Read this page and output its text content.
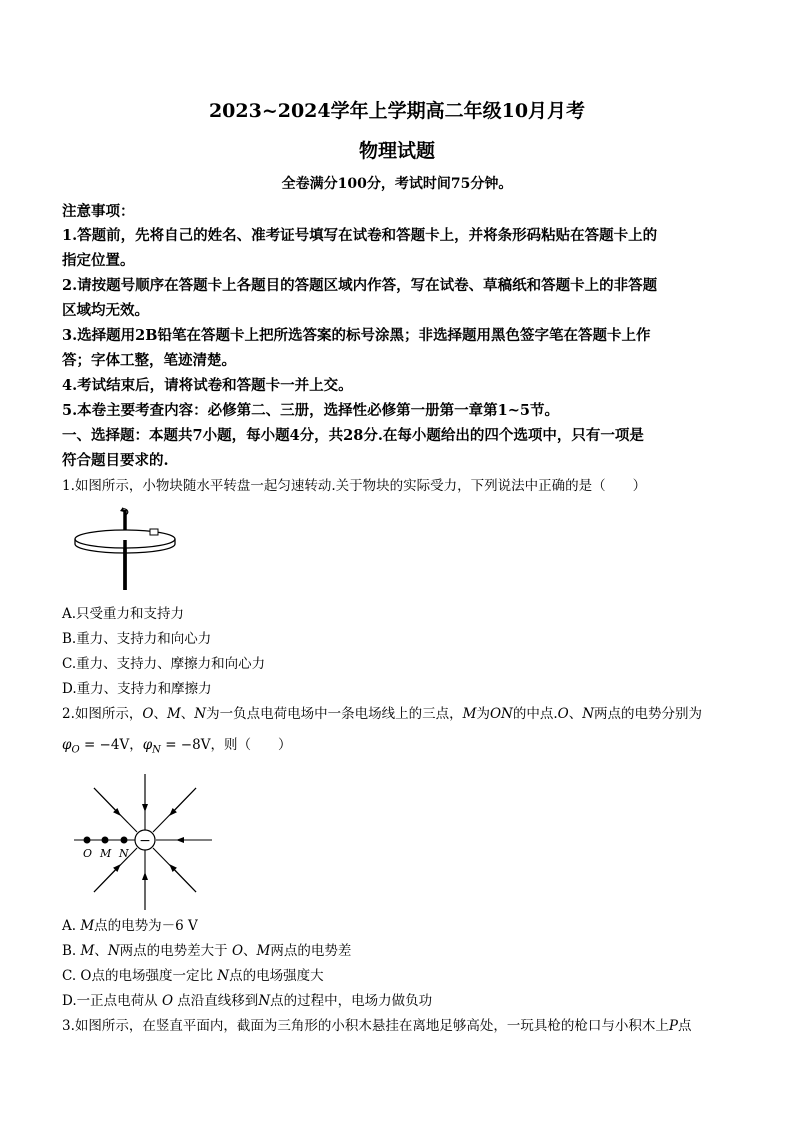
2023~2024学年上学期高二年级10月月考
物理试题
全卷满分100分，考试时间75分钟。
注意事项：
1.答题前，先将自己的姓名、准考证号填写在试卷和答题卡上，并将条形码粘贴在答题卡上的
指定位置。
2.请按题号顺序在答题卡上各题目的答题区域内作答，写在试卷、草稿纸和答题卡上的非答题
区域均无效。
3.选择题用2B铅笔在答题卡上把所选答案的标号涂黑；非选择题用黑色签字笔在答题卡上作
答；字体工整，笔迹清楚。
4.考试结束后，请将试卷和答题卡一并上交。
5.本卷主要考查内容：必修第二、三册，选择性必修第一册第一章第1~5节。
一、选择题：本题共7小题，每小题4分，共28分.在每小题给出的四个选项中，只有一项是
符合题目要求的.
1.如图所示，小物块随水平转盘一起匀速转动.关于物块的实际受力，下列说法中正确的是（　　）
A.只受重力和支持力
B.重力、支持力和向心力
C.重力、支持力、摩擦力和向心力
D.重力、支持力和摩擦力
2.如图所示，O、M、N为一负点电荷电场中一条电场线上的三点，M为ON的中点.O、N两点的电势分别为
$\varphi_O = -4V$，$\varphi_N = -8V$，则（　　）
−
O M N
A. M点的电势为－6 V
B. M、N两点的电势差大于 O、M两点的电势差
C. O点的电场强度一定比 N点的电场强度大
D.一正点电荷从 O 点沿直线移到N点的过程中，电场力做负功
3.如图所示，在竖直平面内，截面为三角形的小积木悬挂在离地足够高处，一玩具枪的枪口与小积木上P点
